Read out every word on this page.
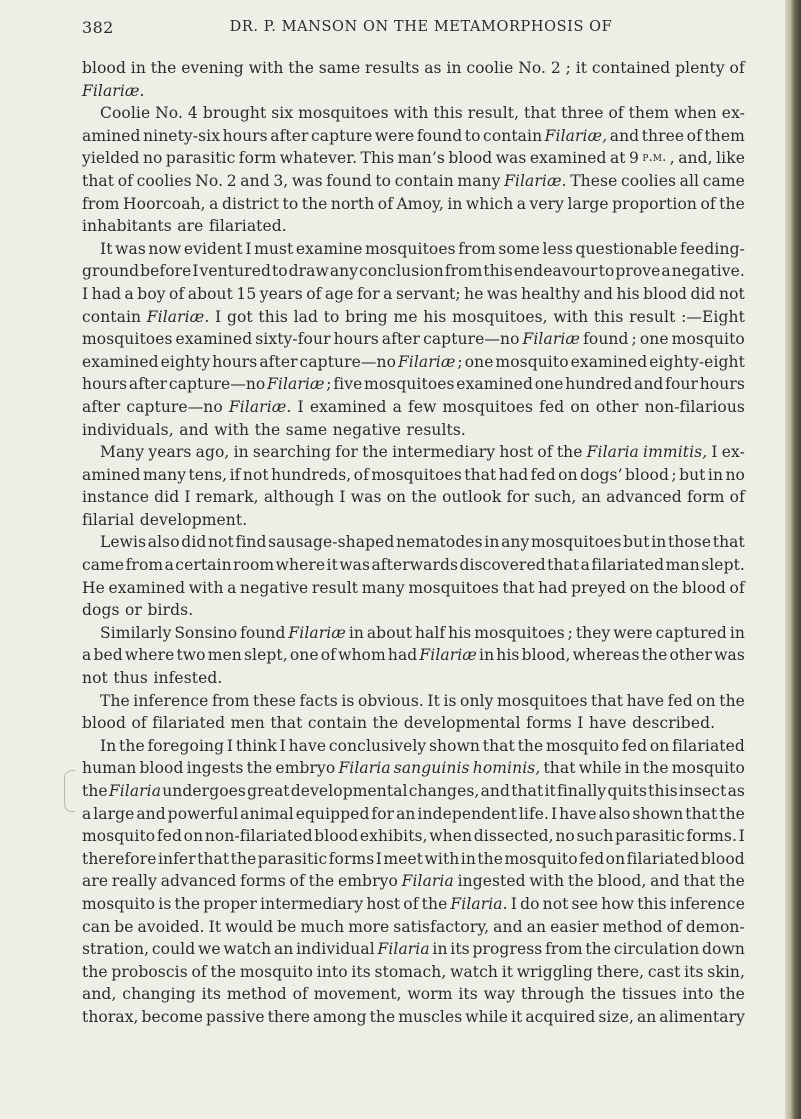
382	DR. P. MANSON ON THE METAMORPHOSIS OF
blood in the evening with the same results as in coolie No. 2 ; it contained plenty of
Filariæ.
Coolie No. 4 brought six mosquitoes with this result, that three of them when ex-
amined ninety-six hours after capture were found to contain Filariæ, and three of them
yielded no parasitic form whatever. This man’s blood was examined at 9 p.m. , and, like
that of coolies No. 2 and 3, was found to contain many Filariæ. These coolies all came
from Hoorcoah, a district to the north of Amoy, in which a very large proportion of the
inhabitants are filariated.
It was now evident I must examine mosquitoes from some less questionable feeding-
ground before I ventured to draw any conclusion from this endeavour to prove a negative.
I had a boy of about 15 years of age for a servant; he was healthy and his blood did not
contain Filariæ. I got this lad to bring me his mosquitoes, with this result :—Eight
mosquitoes examined sixty-four hours after capture—no Filariæ found ; one mosquito
examined eighty hours after capture—no Filariæ ; one mosquito examined eighty-eight
hours after capture—no Filariæ ; five mosquitoes examined one hundred and four hours
after capture—no Filariæ. I examined a few mosquitoes fed on other non-filarious
individuals, and with the same negative results.
Many years ago, in searching for the intermediary host of the Filaria immitis, I ex-
amined many tens, if not hundreds, of mosquitoes that had fed on dogs’ blood ; but in no
instance did I remark, although I was on the outlook for such, an advanced form of
filarial development.
Lewis also did not find sausage-shaped nematodes in any mosquitoes but in those that
came from a certain room where it was afterwards discovered that a filariated man slept.
He examined with a negative result many mosquitoes that had preyed on the blood of
dogs or birds.
Similarly Sonsino found Filariæ in about half his mosquitoes ; they were captured in
a bed where two men slept, one of whom had Filariæ in his blood, whereas the other was
not thus infested.
The inference from these facts is obvious. It is only mosquitoes that have fed on the
blood of filariated men that contain the developmental forms I have described.
In the foregoing I think I have conclusively shown that the mosquito fed on filariated
human blood ingests the embryo Filaria sanguinis hominis, that while in the mosquito
the Filaria undergoes great developmental changes, and that it finally quits this insect as
a large and powerful animal equipped for an independent life. I have also shown that the
mosquito fed on non-filariated blood exhibits, when dissected, no such parasitic forms. I
therefore infer that the parasitic forms I meet with in the mosquito fed on filariated blood
are really advanced forms of the embryo Filaria ingested with the blood, and that the
mosquito is the proper intermediary host of the Filaria. I do not see how this inference
can be avoided. It would be much more satisfactory, and an easier method of demon-
stration, could we watch an individual Filaria in its progress from the circulation down
the proboscis of the mosquito into its stomach, watch it wriggling there, cast its skin,
and, changing its method of movement, worm its way through the tissues into the
thorax, become passive there among the muscles while it acquired size, an alimentary
